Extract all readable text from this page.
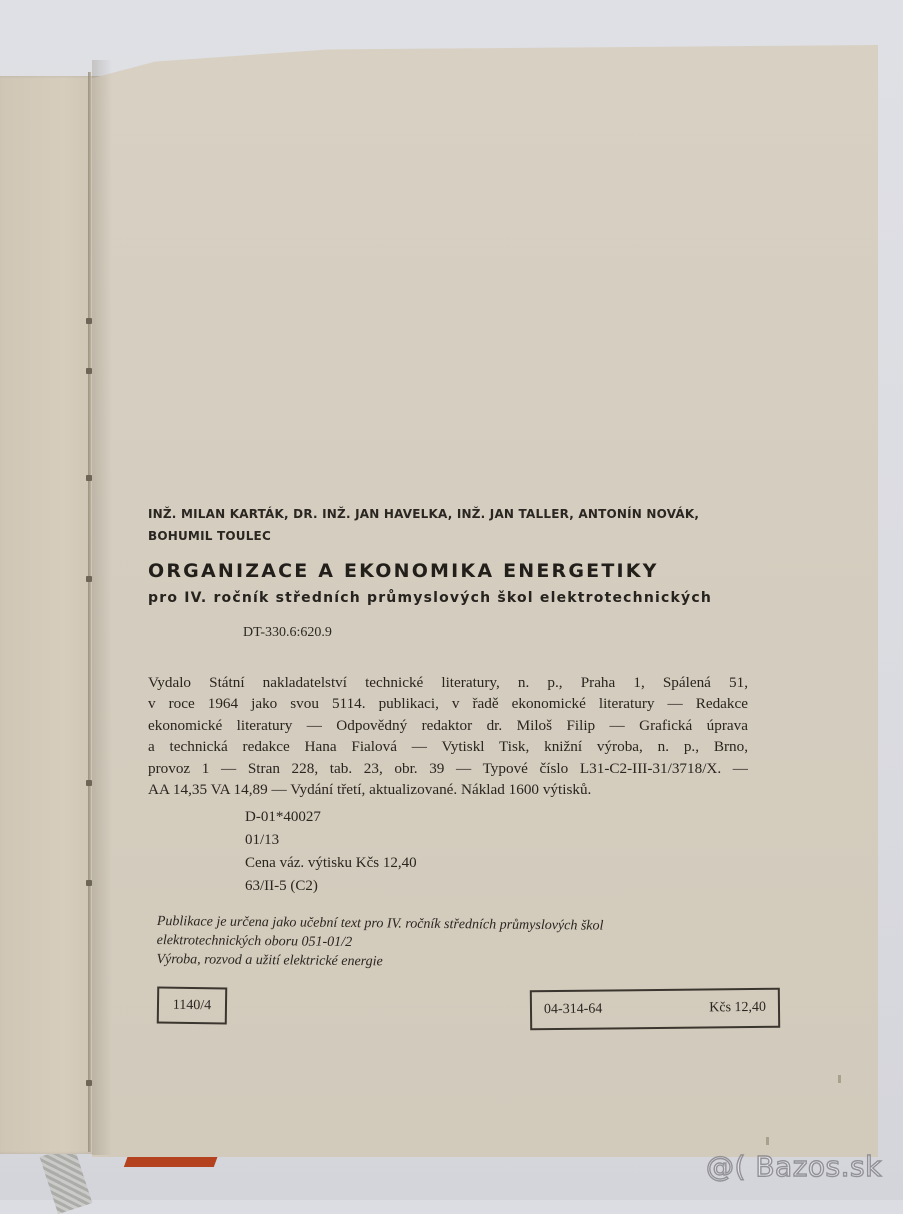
INŽ. MILAN KARTÁK, DR. INŽ. JAN HAVELKA, INŽ. JAN TALLER, ANTONÍN NOVÁK,
BOHUMIL TOULEC
ORGANIZACE A EKONOMIKA ENERGETIKY
pro IV. ročník středních průmyslových škol elektrotechnických
DT-330.6:620.9
Vydalo Státní nakladatelství technické literatury, n. p., Praha 1, Spálená 51,
v roce 1964 jako svou 5114. publikaci, v řadě ekonomické literatury — Redakce
ekonomické literatury — Odpovědný redaktor dr. Miloš Filip — Grafická úprava
a technická redakce Hana Fialová — Vytiskl Tisk, knižní výroba, n. p., Brno,
provoz 1 — Stran 228, tab. 23, obr. 39 — Typové číslo L31-C2-III-31/3718/X. —
AA 14,35 VA 14,89 — Vydání třetí, aktualizované. Náklad 1600 výtisků.
D-01*40027
01/13
Cena váz. výtisku Kčs 12,40
63/II-5 (C2)
Publikace je určena jako učební text pro IV. ročník středních průmyslových škol
elektrotechnických oboru 051-01/2
Výroba, rozvod a užití elektrické energie
1140/4	04-314-64	Kčs 12,40
@( Bazos.sk
